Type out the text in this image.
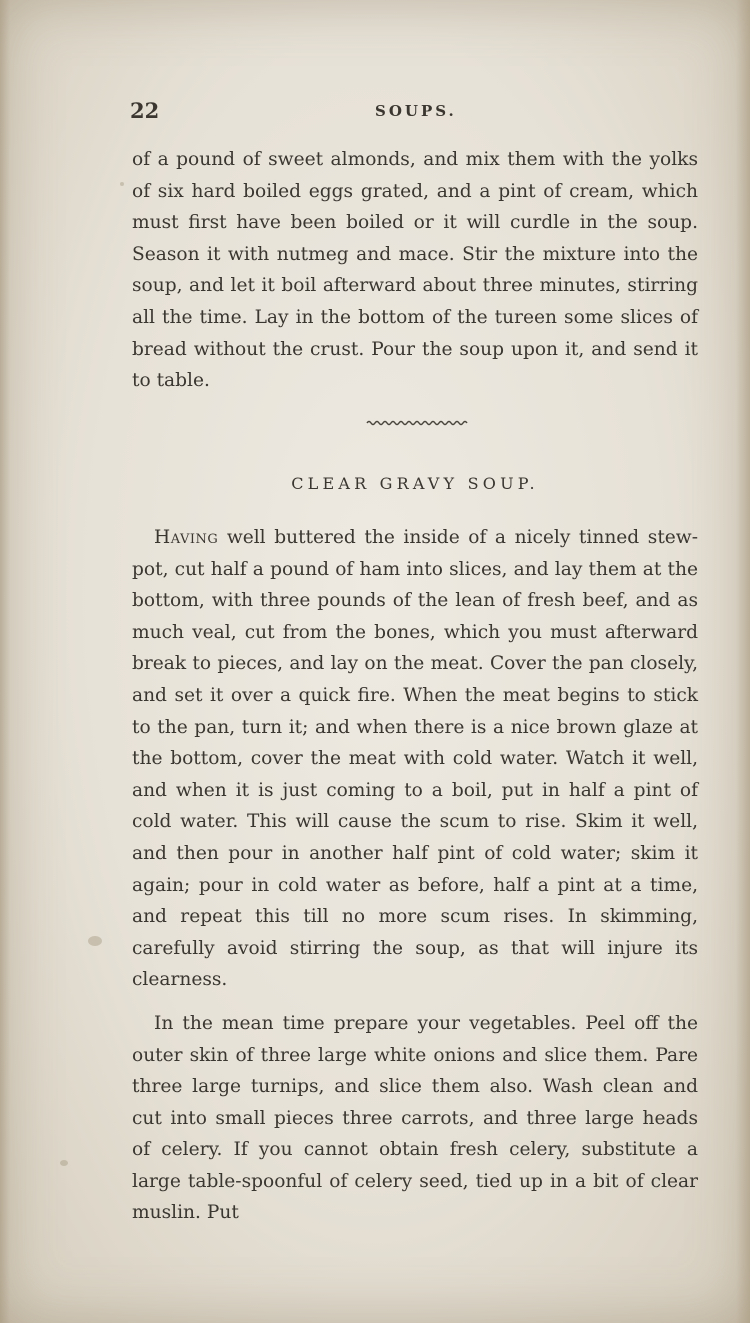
22	SOUPS.

of a pound of sweet almonds, and mix them with the yolks of six hard boiled eggs grated, and a pint of cream, which must first have been boiled or it will curdle in the soup. Season it with nutmeg and mace. Stir the mixture into the soup, and let it boil afterward about three minutes, stirring all the time. Lay in the bottom of the tureen some slices of bread without the crust. Pour the soup upon it, and send it to table.

CLEAR GRAVY SOUP.

Having well buttered the inside of a nicely tinned stew-pot, cut half a pound of ham into slices, and lay them at the bottom, with three pounds of the lean of fresh beef, and as much veal, cut from the bones, which you must afterward break to pieces, and lay on the meat. Cover the pan closely, and set it over a quick fire. When the meat begins to stick to the pan, turn it; and when there is a nice brown glaze at the bottom, cover the meat with cold water. Watch it well, and when it is just coming to a boil, put in half a pint of cold water. This will cause the scum to rise. Skim it well, and then pour in another half pint of cold water; skim it again; pour in cold water as before, half a pint at a time, and repeat this till no more scum rises. In skimming, carefully avoid stirring the soup, as that will injure its clearness.

In the mean time prepare your vegetables. Peel off the outer skin of three large white onions and slice them. Pare three large turnips, and slice them also. Wash clean and cut into small pieces three carrots, and three large heads of celery. If you cannot obtain fresh celery, substitute a large table-spoonful of celery seed, tied up in a bit of clear muslin. Put
